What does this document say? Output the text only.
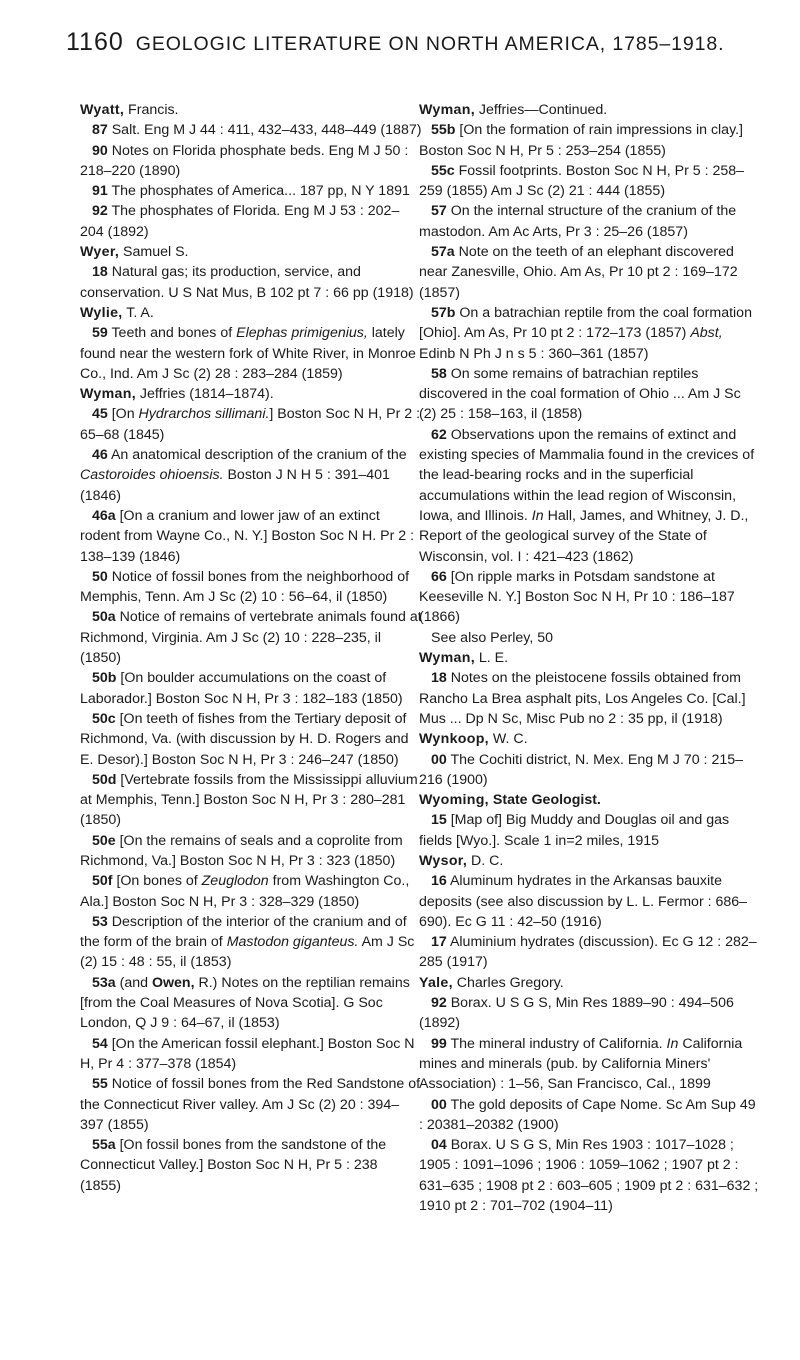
1160 GEOLOGIC LITERATURE ON NORTH AMERICA, 1785–1918.
Wyatt, Francis.
87 Salt. Eng M J 44 : 411, 432–433, 448–449 (1887)
90 Notes on Florida phosphate beds. Eng M J 50 : 218–220 (1890)
91 The phosphates of America... 187 pp, N Y 1891
92 The phosphates of Florida. Eng M J 53 : 202–204 (1892)
Wyer, Samuel S.
18 Natural gas; its production, service, and conservation. U S Nat Mus, B 102 pt 7 : 66 pp (1918)
Wylie, T. A.
59 Teeth and bones of Elephas primigenius, lately found near the western fork of White River, in Monroe Co., Ind. Am J Sc (2) 28 : 283–284 (1859)
Wyman, Jeffries (1814–1874).
45 [On Hydrarchos sillimani.] Boston Soc N H, Pr 2 : 65–68 (1845)
46 An anatomical description of the cranium of the Castoroides ohioensis. Boston J N H 5 : 391–401 (1846)
46a [On a cranium and lower jaw of an extinct rodent from Wayne Co., N. Y.] Boston Soc N H. Pr 2 : 138–139 (1846)
50 Notice of fossil bones from the neighborhood of Memphis, Tenn. Am J Sc (2) 10 : 56–64, il (1850)
50a Notice of remains of vertebrate animals found at Richmond, Virginia. Am J Sc (2) 10 : 228–235, il (1850)
50b [On boulder accumulations on the coast of Laborador.] Boston Soc N H, Pr 3 : 182–183 (1850)
50c [On teeth of fishes from the Tertiary deposit of Richmond, Va. (with discussion by H. D. Rogers and E. Desor).] Boston Soc N H, Pr 3 : 246–247 (1850)
50d [Vertebrate fossils from the Mississippi alluvium at Memphis, Tenn.] Boston Soc N H, Pr 3 : 280–281 (1850)
50e [On the remains of seals and a coprolite from Richmond, Va.] Boston Soc N H, Pr 3 : 323 (1850)
50f [On bones of Zeuglodon from Washington Co., Ala.] Boston Soc N H, Pr 3 : 328–329 (1850)
53 Description of the interior of the cranium and of the form of the brain of Mastodon giganteus. Am J Sc (2) 15 : 48 : 55, il (1853)
53a (and Owen, R.) Notes on the reptilian remains [from the Coal Measures of Nova Scotia]. G Soc London, Q J 9 : 64–67, il (1853)
54 [On the American fossil elephant.] Boston Soc N H, Pr 4 : 377–378 (1854)
55 Notice of fossil bones from the Red Sandstone of the Connecticut River valley. Am J Sc (2) 20 : 394–397 (1855)
55a [On fossil bones from the sandstone of the Connecticut Valley.] Boston Soc N H, Pr 5 : 238 (1855)
Wyman, Jeffries—Continued.
55b [On the formation of rain impressions in clay.] Boston Soc N H, Pr 5 : 253–254 (1855)
55c Fossil footprints. Boston Soc N H, Pr 5 : 258–259 (1855) Am J Sc (2) 21 : 444 (1855)
57 On the internal structure of the cranium of the mastodon. Am Ac Arts, Pr 3 : 25–26 (1857)
57a Note on the teeth of an elephant discovered near Zanesville, Ohio. Am As, Pr 10 pt 2 : 169–172 (1857)
57b On a batrachian reptile from the coal formation [Ohio]. Am As, Pr 10 pt 2 : 172–173 (1857) Abst, Edinb N Ph J n s 5 : 360–361 (1857)
58 On some remains of batrachian reptiles discovered in the coal formation of Ohio ... Am J Sc (2) 25 : 158–163, il (1858)
62 Observations upon the remains of extinct and existing species of Mammalia found in the crevices of the lead-bearing rocks and in the superficial accumulations within the lead region of Wisconsin, Iowa, and Illinois. In Hall, James, and Whitney, J. D., Report of the geological survey of the State of Wisconsin, vol. I : 421–423 (1862)
66 [On ripple marks in Potsdam sandstone at Keeseville N. Y.] Boston Soc N H, Pr 10 : 186–187 (1866)
See also Perley, 50
Wyman, L. E.
18 Notes on the pleistocene fossils obtained from Rancho La Brea asphalt pits, Los Angeles Co. [Cal.] Mus ... Dp N Sc, Misc Pub no 2 : 35 pp, il (1918)
Wynkoop, W. C.
00 The Cochiti district, N. Mex. Eng M J 70 : 215–216 (1900)
Wyoming, State Geologist.
15 [Map of] Big Muddy and Douglas oil and gas fields [Wyo.]. Scale 1 in=2 miles, 1915
Wysor, D. C.
16 Aluminum hydrates in the Arkansas bauxite deposits (see also discussion by L. L. Fermor : 686–690). Ec G 11 : 42–50 (1916)
17 Aluminium hydrates (discussion). Ec G 12 : 282–285 (1917)
Yale, Charles Gregory.
92 Borax. U S G S, Min Res 1889–90 : 494–506 (1892)
99 The mineral industry of California. In California mines and minerals (pub. by California Miners' Association) : 1–56, San Francisco, Cal., 1899
00 The gold deposits of Cape Nome. Sc Am Sup 49 : 20381–20382 (1900)
04 Borax. U S G S, Min Res 1903 : 1017–1028 ; 1905 : 1091–1096 ; 1906 : 1059–1062 ; 1907 pt 2 : 631–635 ; 1908 pt 2 : 603–605 ; 1909 pt 2 : 631–632 ; 1910 pt 2 : 701–702 (1904–11)
